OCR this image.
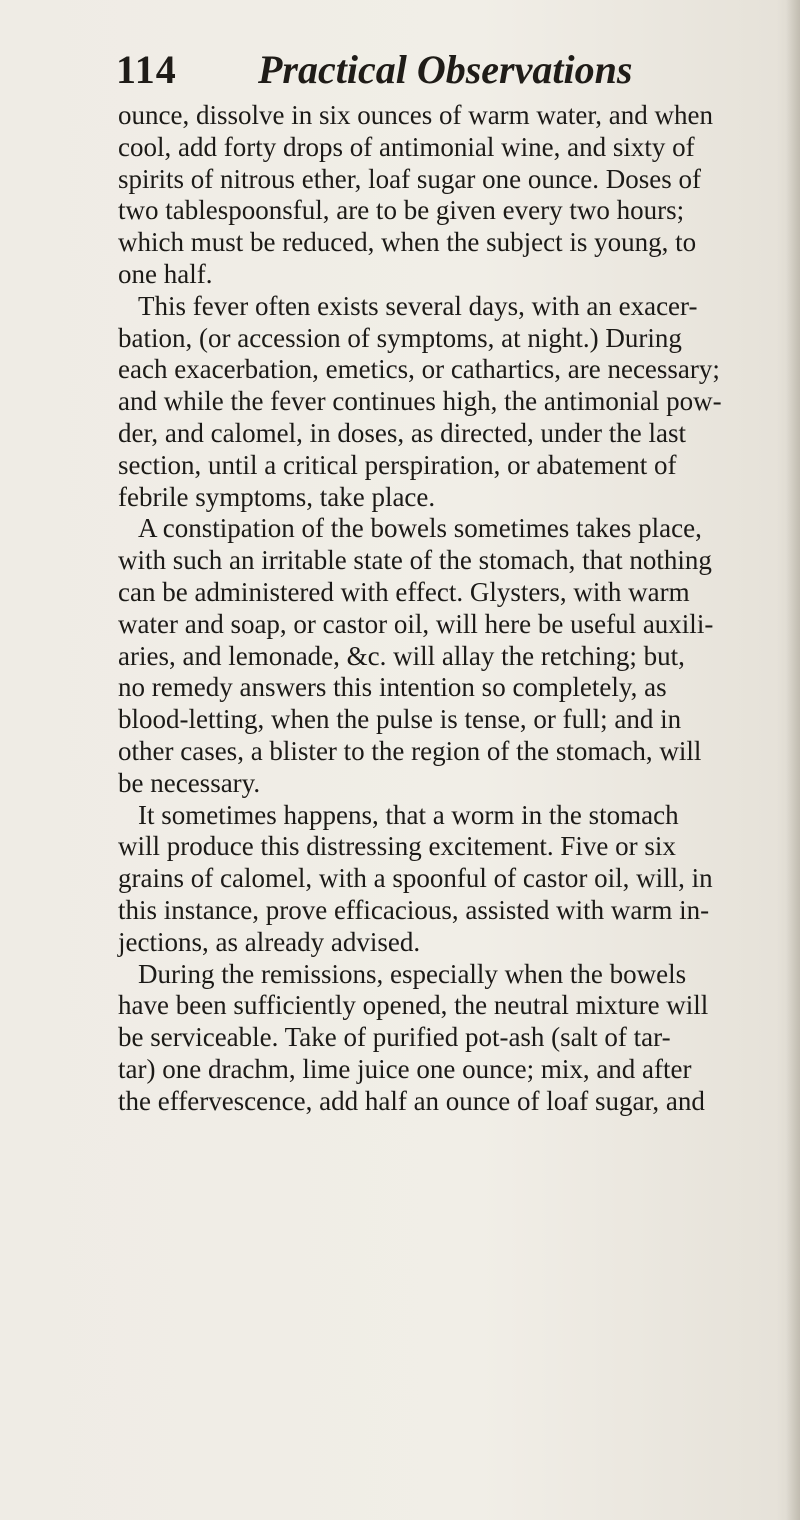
114 Practical Observations
ounce, dissolve in six ounces of warm water, and when
cool, add forty drops of antimonial wine, and sixty of
spirits of nitrous ether, loaf sugar one ounce. Doses of
two tablespoonsful, are to be given every two hours;
which must be reduced, when the subject is young, to
one half.
This fever often exists several days, with an exacer-
bation, (or accession of symptoms, at night.) During
each exacerbation, emetics, or cathartics, are necessary;
and while the fever continues high, the antimonial pow-
der, and calomel, in doses, as directed, under the last
section, until a critical perspiration, or abatement of
febrile symptoms, take place.
A constipation of the bowels sometimes takes place,
with such an irritable state of the stomach, that nothing
can be administered with effect. Glysters, with warm
water and soap, or castor oil, will here be useful auxili-
aries, and lemonade, &c. will allay the retching; but,
no remedy answers this intention so completely, as
blood-letting, when the pulse is tense, or full; and in
other cases, a blister to the region of the stomach, will
be necessary.
It sometimes happens, that a worm in the stomach
will produce this distressing excitement. Five or six
grains of calomel, with a spoonful of castor oil, will, in
this instance, prove efficacious, assisted with warm in-
jections, as already advised.
During the remissions, especially when the bowels
have been sufficiently opened, the neutral mixture will
be serviceable. Take of purified pot-ash (salt of tar-
tar) one drachm, lime juice one ounce; mix, and after
the effervescence, add half an ounce of loaf sugar, and
